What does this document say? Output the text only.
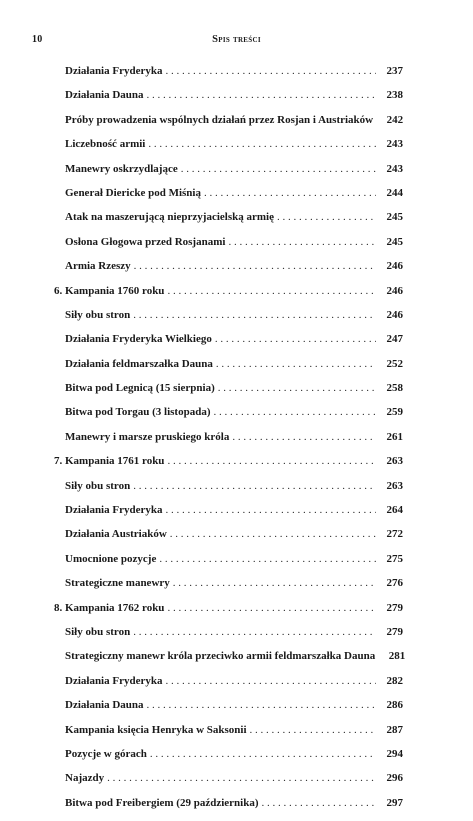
10	Spis treści
Działania Fryderyka . . .	237
Działania Dauna . . .	238
Próby prowadzenia wspólnych działań przez Rosjan i Austriaków	242
Liczebność armii . . .	243
Manewry oskrzydlające . . .	243
Generał Diericke pod Miśnią . . .	244
Atak na maszerującą nieprzyjacielską armię . . .	245
Osłona Głogowa przed Rosjanami . . .	245
Armia Rzeszy . . .	246
6. Kampania 1760 roku . . .	246
Siły obu stron . . .	246
Działania Fryderyka Wielkiego . . .	247
Działania feldmarszałka Dauna . . .	252
Bitwa pod Legnicą (15 sierpnia) . . .	258
Bitwa pod Torgau (3 listopada) . . .	259
Manewry i marsze pruskiego króla . . .	261
7. Kampania 1761 roku . . .	263
Siły obu stron . . .	263
Działania Fryderyka . . .	264
Działania Austriaków . . .	272
Umocnione pozycje . . .	275
Strategiczne manewry . . .	276
8. Kampania 1762 roku . . .	279
Siły obu stron . . .	279
Strategiczny manewr króla przeciwko armii feldmarszałka Dauna	281
Działania Fryderyka . . .	282
Działania Dauna . . .	286
Kampania księcia Henryka w Saksonii . . .	287
Pozycje w górach . . .	294
Najazdy . . .	296
Bitwa pod Freibergiem (29 października) . . .	297
